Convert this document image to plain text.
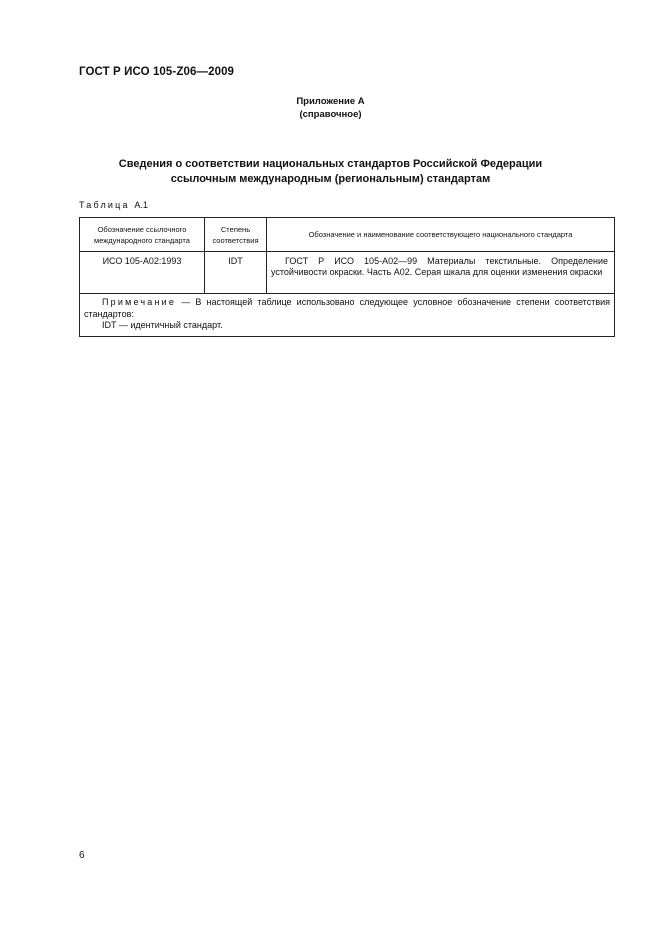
ГОСТ Р ИСО 105-Z06—2009
Приложение А
(справочное)
Сведения о соответствии национальных стандартов Российской Федерации
ссылочным международным (региональным) стандартам
Таблица А.1
Обозначение ссылочного международного стандарта	Степень соответствия	Обозначение и наименование соответствующего национального стандарта
ИСО 105-А02:1993	IDT	ГОСТ Р ИСО 105-А02—99 Материалы текстильные. Определение устойчивости окраски. Часть А02. Серая шкала для оценки изменения окраски

Примечание — В настоящей таблице использовано следующее условное обозначение степени соответствия стандартов:
IDT — идентичный стандарт.		
6
